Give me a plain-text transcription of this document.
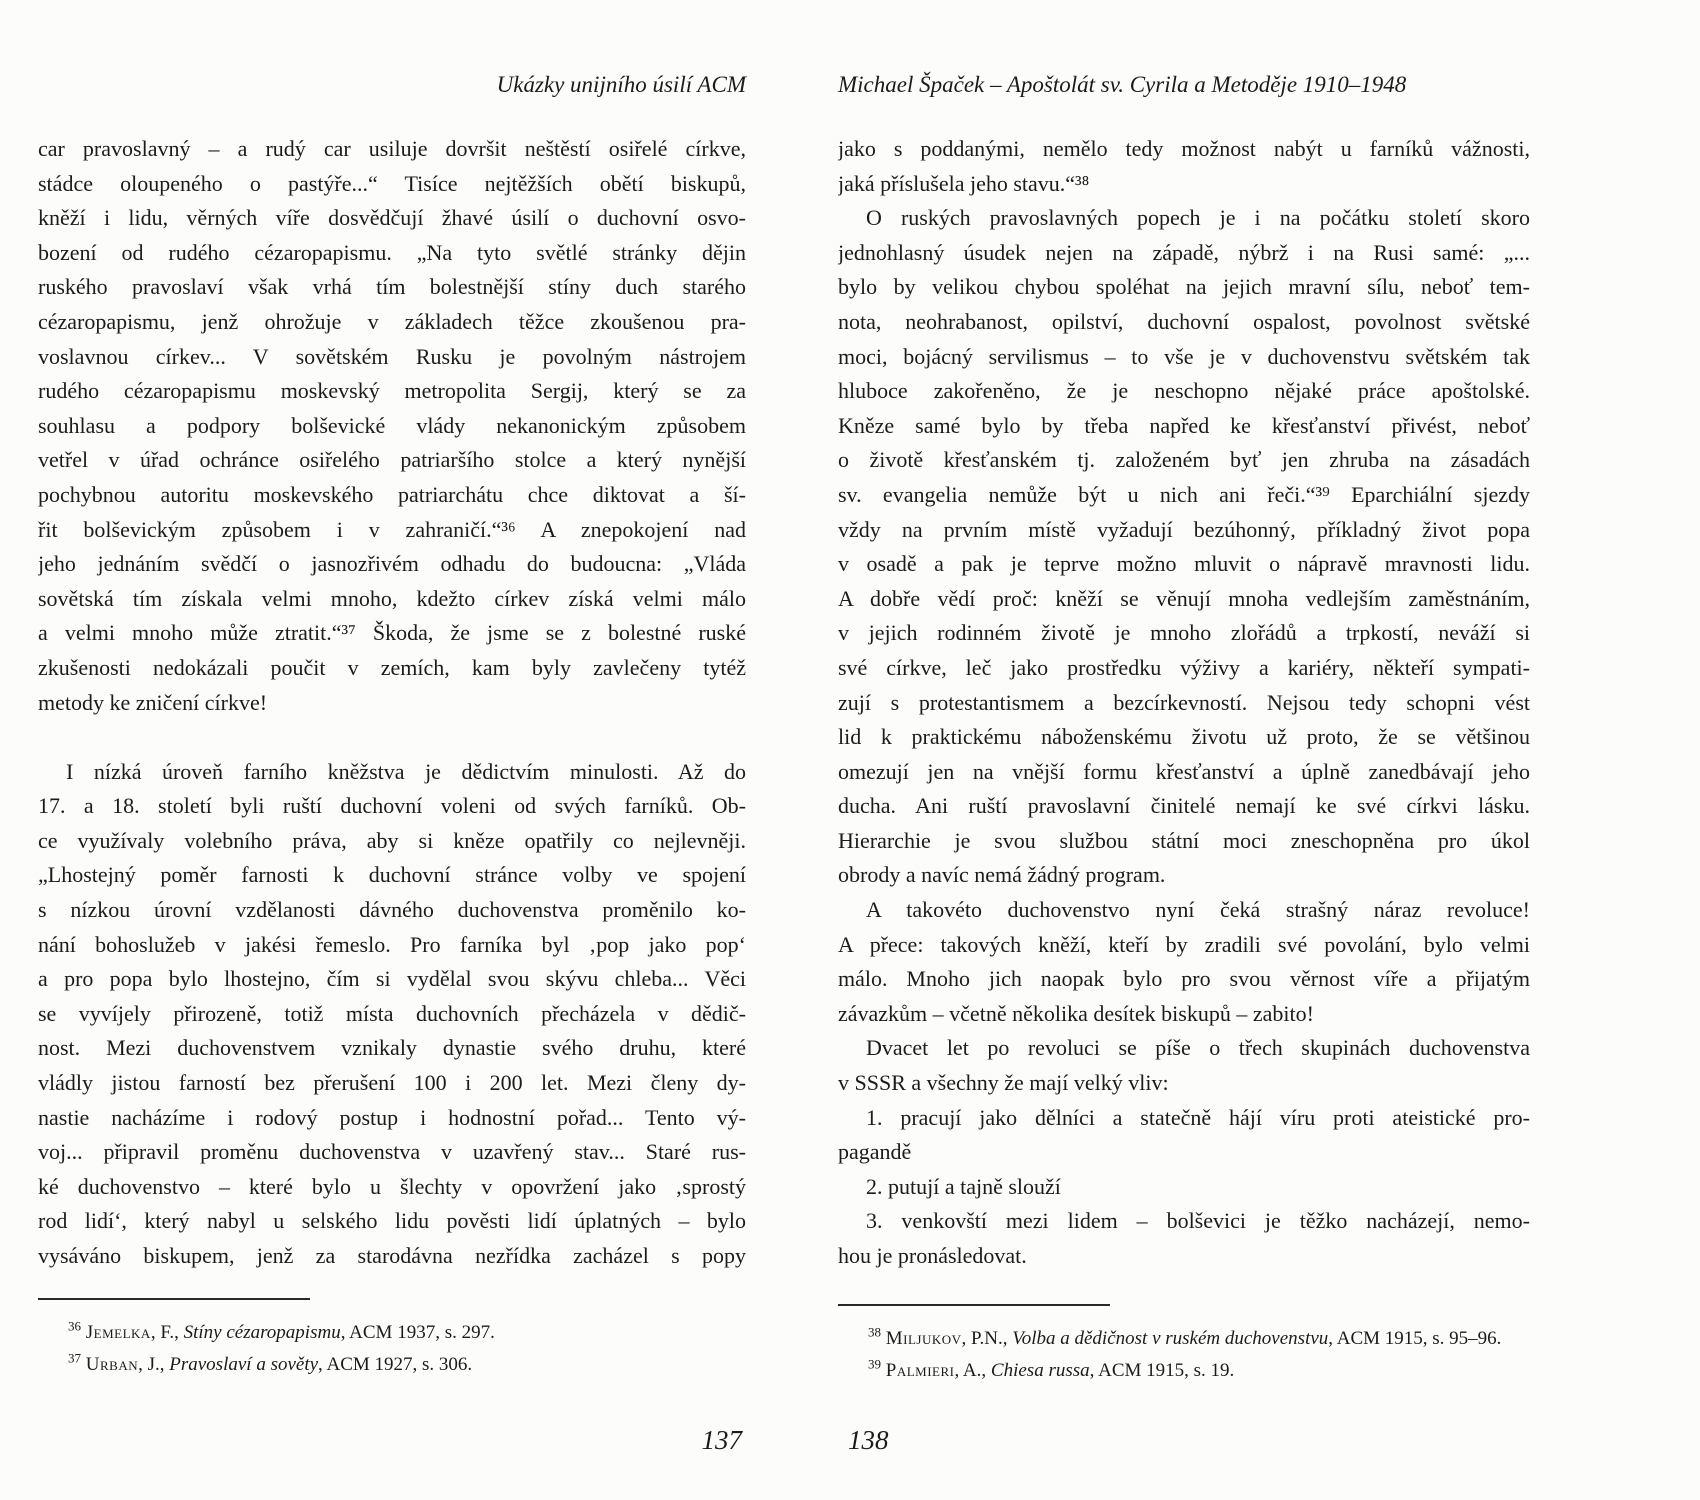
Ukázky unijního úsilí ACM
car pravoslavný – a rudý car usiluje dovršit neštěstí osiřelé církve,
stádce oloupeného o pastýře...“ Tisíce nejtěžších obětí biskupů,
kněží i lidu, věrných víře dosvědčují žhavé úsilí o duchovní osvo-
bození od rudého cézaropapismu. „Na tyto světlé stránky dějin
ruského pravoslaví však vrhá tím bolestnější stíny duch starého
cézaropapismu, jenž ohrožuje v základech těžce zkoušenou pra-
voslavnou církev... V sovětském Rusku je povolným nástrojem
rudého cézaropapismu moskevský metropolita Sergij, který se za
souhlasu a podpory bolševické vlády nekanonickým způsobem
vetřel v úřad ochránce osiřelého patriaršího stolce a který nynější
pochybnou autoritu moskevského patriarchátu chce diktovat a ší-
řit bolševickým způsobem i v zahraničí.“³⁶ A znepokojení nad
jeho jednáním svědčí o jasnozřivém odhadu do budoucna: „Vláda
sovětská tím získala velmi mnoho, kdežto církev získá velmi málo
a velmi mnoho může ztratit.“³⁷ Škoda, že jsme se z bolestné ruské
zkušenosti nedokázali poučit v zemích, kam byly zavlečeny tytéž
metody ke zničení církve!
I nízká úroveň farního kněžstva je dědictvím minulosti. Až do
17. a 18. století byli ruští duchovní voleni od svých farníků. Ob-
ce využívaly volebního práva, aby si kněze opatřily co nejlevněji.
„Lhostejný poměr farnosti k duchovní stránce volby ve spojení
s nízkou úrovní vzdělanosti dávného duchovenstva proměnilo ko-
nání bohoslužeb v jakési řemeslo. Pro farníka byl ‚pop jako pop‘
a pro popa bylo lhostejno, čím si vydělal svou skývu chleba... Věci
se vyvíjely přirozeně, totiž místa duchovních přecházela v dědič-
nost. Mezi duchovenstvem vznikaly dynastie svého druhu, které
vládly jistou farností bez přerušení 100 i 200 let. Mezi členy dy-
nastie nacházíme i rodový postup i hodnostní pořad... Tento vý-
voj... připravil proměnu duchovenstva v uzavřený stav... Staré rus-
ké duchovenstvo – které bylo u šlechty v opovržení jako ‚sprostý
rod lidí‘, který nabyl u selského lidu pověsti lidí úplatných – bylo
vysáváno biskupem, jenž za starodávna nezřídka zacházel s popy
$^{36}$ Jemelka, F., Stíny cézaropapismu, ACM 1937, s. 297.
$^{37}$ Urban, J., Pravoslaví a sověty, ACM 1927, s. 306.
137
Michael Špaček – Apoštolát sv. Cyrila a Metoděje 1910–1948
jako s poddanými, nemělo tedy možnost nabýt u farníků vážnosti,
jaká příslušela jeho stavu.“³⁸
O ruských pravoslavných popech je i na počátku století skoro
jednohlasný úsudek nejen na západě, nýbrž i na Rusi samé: „...
bylo by velikou chybou spoléhat na jejich mravní sílu, neboť tem-
nota, neohrabanost, opilství, duchovní ospalost, povolnost světské
moci, bojácný servilismus – to vše je v duchovenstvu světském tak
hluboce zakořeněno, že je neschopno nějaké práce apoštolské.
Kněze samé bylo by třeba napřed ke křesťanství přivést, neboť
o životě křesťanském tj. založeném byť jen zhruba na zásadách
sv. evangelia nemůže být u nich ani řeči.“³⁹ Eparchiální sjezdy
vždy na prvním místě vyžadují bezúhonný, příkladný život popa
v osadě a pak je teprve možno mluvit o nápravě mravnosti lidu.
A dobře vědí proč: kněží se věnují mnoha vedlejším zaměstnáním,
v jejich rodinném životě je mnoho zlořádů a trpkostí, neváží si
své církve, leč jako prostředku výživy a kariéry, někteří sympati-
zují s protestantismem a bezcírkevností. Nejsou tedy schopni vést
lid k praktickému náboženskému životu už proto, že se většinou
omezují jen na vnější formu křesťanství a úplně zanedbávají jeho
ducha. Ani ruští pravoslavní činitelé nemají ke své církvi lásku.
Hierarchie je svou službou státní moci zneschopněna pro úkol
obrody a navíc nemá žádný program.
A takovéto duchovenstvo nyní čeká strašný náraz revoluce!
A přece: takových kněží, kteří by zradili své povolání, bylo velmi
málo. Mnoho jich naopak bylo pro svou věrnost víře a přijatým
závazkům – včetně několika desítek biskupů – zabito!
Dvacet let po revoluci se píše o třech skupinách duchovenstva
v SSSR a všechny že mají velký vliv:
1. pracují jako dělníci a statečně hájí víru proti ateistické pro-
pagandě
2. putují a tajně slouží
3. venkovští mezi lidem – bolševici je těžko nacházejí, nemo-
hou je pronásledovat.
$^{38}$ Miljukov, P.N., Volba a dědičnost v ruském duchovenstvu, ACM 1915, s. 95–96.
$^{39}$ Palmieri, A., Chiesa russa, ACM 1915, s. 19.
138
